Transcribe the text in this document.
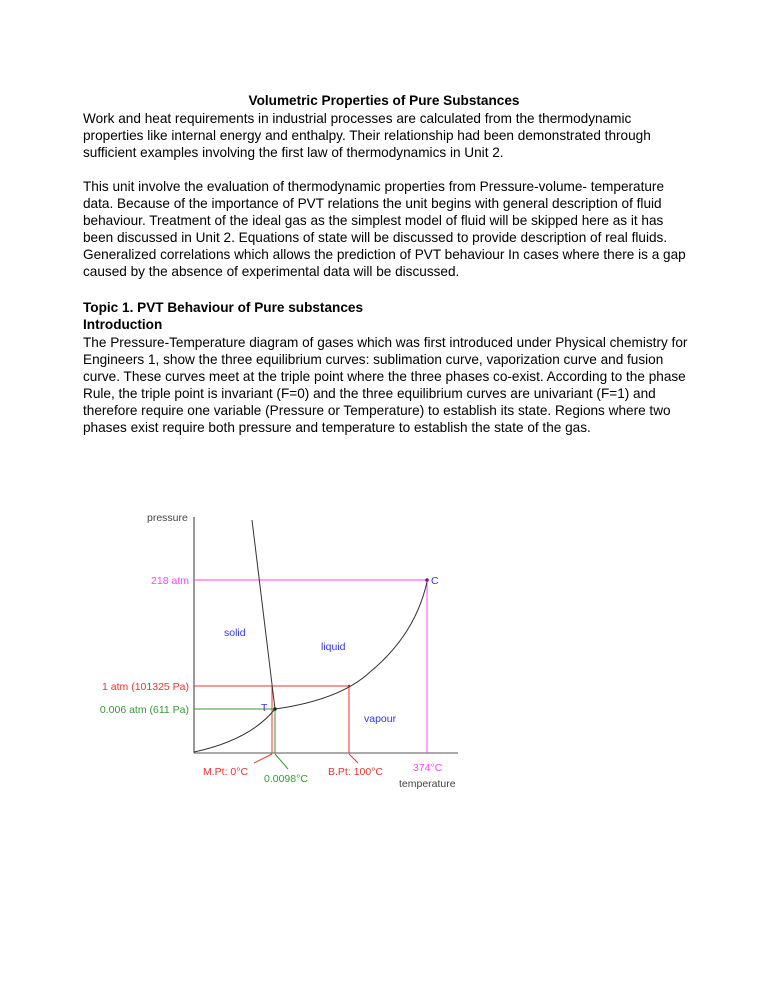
Volumetric Properties of Pure Substances
Work and heat requirements in industrial processes are calculated from the thermodynamic properties like internal energy and enthalpy. Their relationship had been demonstrated through sufficient examples involving the first law of thermodynamics in Unit 2.
This unit involve the evaluation of thermodynamic properties from Pressure-volume- temperature data. Because of the importance of PVT relations the unit begins with general description of fluid behaviour. Treatment of the ideal gas as the simplest model of fluid will be skipped here as it has been discussed in Unit 2. Equations of state will be discussed to provide description of real fluids. Generalized correlations which allows the prediction of PVT behaviour In cases where there is a gap caused by the absence of experimental data will be discussed.
Topic 1. PVT Behaviour of Pure substances
Introduction
The Pressure-Temperature diagram of gases which was first introduced under Physical chemistry for Engineers 1, show the three equilibrium curves: sublimation curve, vaporization curve and fusion curve. These curves meet at the triple point where the three phases co-exist. According to the phase Rule, the triple point is invariant (F=0) and the three equilibrium curves are univariant (F=1) and therefore require one variable (Pressure or Temperature) to establish its state. Regions where two phases exist require both pressure and temperature to establish the state of the gas.
pressure
temperature
218 atm
1 atm (101325 Pa)
0.006 atm (611 Pa)
M.Pt: 0°C
0.0098°C
B.Pt: 100°C	374°C
solid
liquid
vapour
C
T
